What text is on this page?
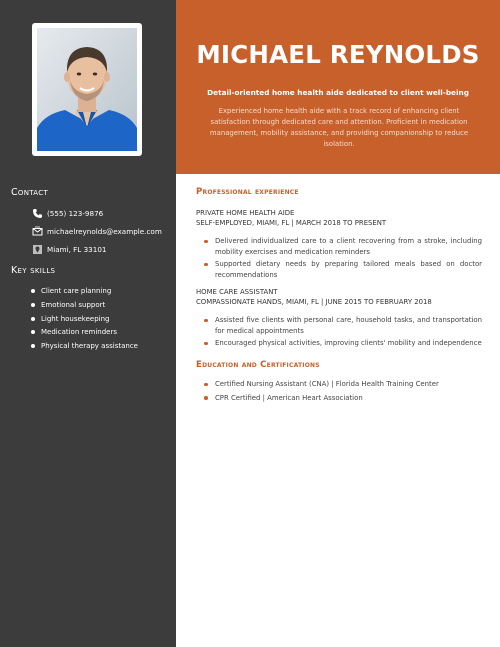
Contact
(555) 123-9876
michaelreynolds@example.com
Miami, FL 33101
Key skills
Client care planning
Emotional support
Light housekeeping
Medication reminders
Physical therapy assistance
MICHAEL REYNOLDS
Detail-oriented home health aide dedicated to client well-being
Experienced home health aide with a track record of enhancing client satisfaction through dedicated care and attention. Proficient in medication management, mobility assistance, and providing companionship to reduce isolation.
Professional experience
PRIVATE HOME HEALTH AIDE
SELF-EMPLOYED, MIAMI, FL | MARCH 2018 TO PRESENT
Delivered individualized care to a client recovering from a stroke, including mobility exercises and medication reminders
Supported dietary needs by preparing tailored meals based on doctor recommendations
HOME CARE ASSISTANT
COMPASSIONATE HANDS, MIAMI, FL | JUNE 2015 TO FEBRUARY 2018
Assisted five clients with personal care, household tasks, and transportation for medical appointments
Encouraged physical activities, improving clients' mobility and independence
Education and Certifications
Certified Nursing Assistant (CNA) | Florida Health Training Center
CPR Certified | American Heart Association
